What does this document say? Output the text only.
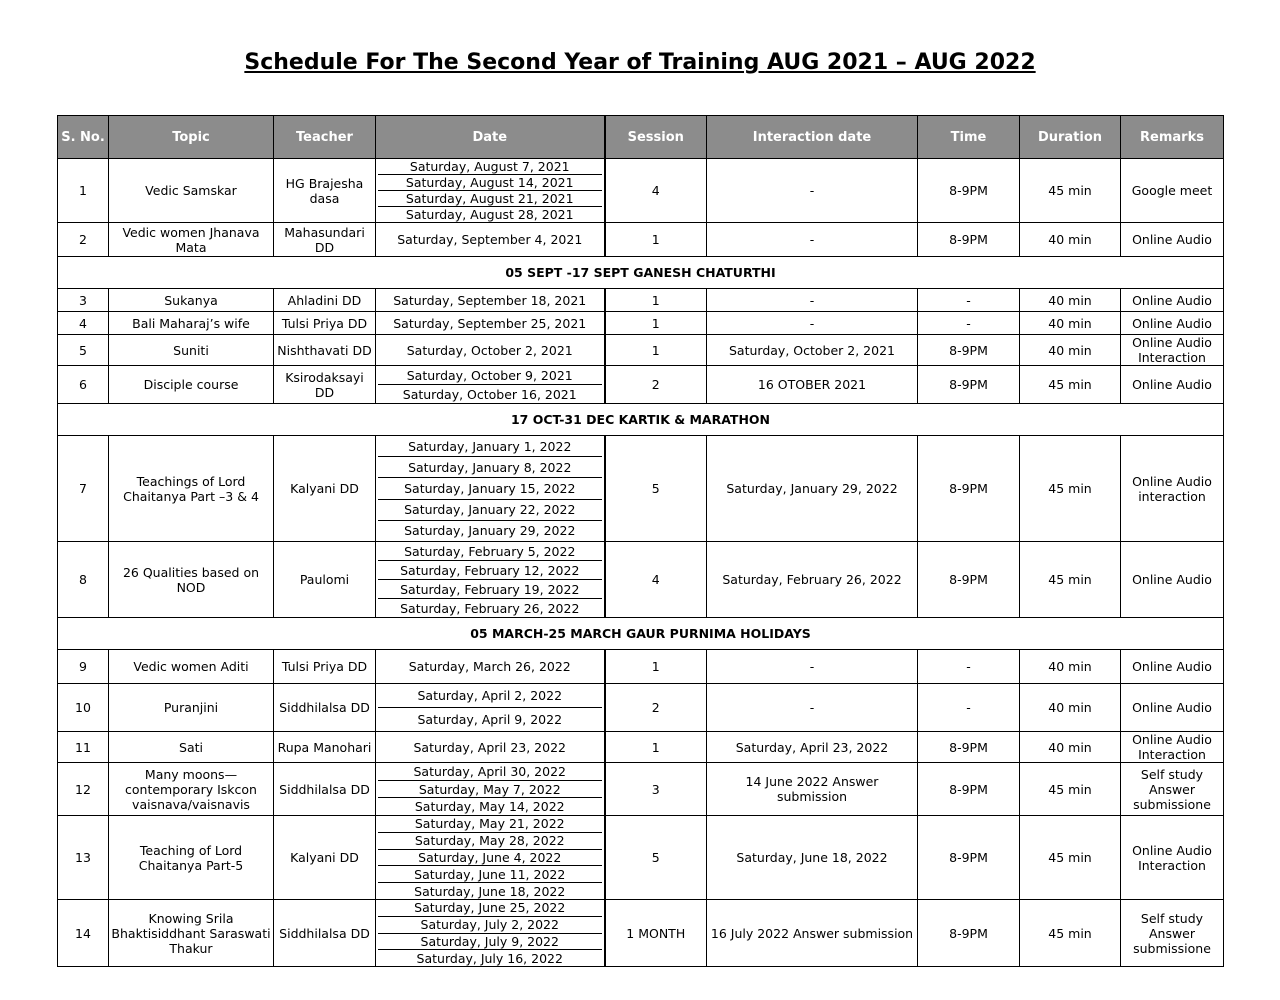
Schedule For The Second Year of Training AUG 2021 – AUG 2022
S. No.	Topic	Teacher	Date	Session	Interaction date	Time	Duration	Remarks
1	Vedic Samskar	HG Brajesha dasa	Saturday, August 7, 2021
Saturday, August 14, 2021
Saturday, August 21, 2021
Saturday, August 28, 2021	4	-	8-9PM	45 min	Google meet
2	Vedic women Jhanava Mata	Mahasundari DD	Saturday, September 4, 2021	1	-	8-9PM	40 min	Online Audio
05 SEPT -17 SEPT GANESH CHATURTHI								
3	Sukanya	Ahladini DD	Saturday, September 18, 2021	1	-	-	40 min	Online Audio
4	Bali Maharaj’s wife	Tulsi Priya DD	Saturday, September 25, 2021	1	-	-	40 min	Online Audio
5	Suniti	Nishthavati DD	Saturday, October 2, 2021	1	Saturday, October 2, 2021	8-9PM	40 min	Online Audio Interaction
6	Disciple course	Ksirodaksayi DD	Saturday, October 9, 2021
Saturday, October 16, 2021	2	16 OTOBER 2021	8-9PM	45 min	Online Audio
17 OCT-31 DEC KARTIK & MARATHON								
7	Teachings of Lord Chaitanya Part –3 & 4	Kalyani DD	Saturday, January 1, 2022
Saturday, January 8, 2022
Saturday, January 15, 2022
Saturday, January 22, 2022
Saturday, January 29, 2022	5	Saturday, January 29, 2022	8-9PM	45 min	Online Audio interaction
8	26 Qualities based on NOD	Paulomi	Saturday, February 5, 2022
Saturday, February 12, 2022
Saturday, February 19, 2022
Saturday, February 26, 2022	4	Saturday, February 26, 2022	8-9PM	45 min	Online Audio
05 MARCH-25 MARCH GAUR PURNIMA HOLIDAYS								
9	Vedic women Aditi	Tulsi Priya DD	Saturday, March 26, 2022	1	-	-	40 min	Online Audio
10	Puranjini	Siddhilalsa DD	Saturday, April 2, 2022
Saturday, April 9, 2022	2	-	-	40 min	Online Audio
11	Sati	Rupa Manohari	Saturday, April 23, 2022	1	Saturday, April 23, 2022	8-9PM	40 min	Online Audio Interaction
12	Many moons— contemporary Iskcon vaisnava/vaisnavis	Siddhilalsa DD	Saturday, April 30, 2022
Saturday, May 7, 2022
Saturday, May 14, 2022	3	14 June 2022 Answer submission	8-9PM	45 min	Self study Answer submissione
13	Teaching of Lord Chaitanya Part-5	Kalyani DD	Saturday, May 21, 2022
Saturday, May 28, 2022
Saturday, June 4, 2022
Saturday, June 11, 2022
Saturday, June 18, 2022	5	Saturday, June 18, 2022	8-9PM	45 min	Online Audio Interaction
14	Knowing Srila Bhaktisiddhant Saraswati Thakur	Siddhilalsa DD	Saturday, June 25, 2022
Saturday, July 2, 2022
Saturday, July 9, 2022
Saturday, July 16, 2022	1 MONTH	16 July 2022 Answer submission	8-9PM	45 min	Self study Answer submissione
